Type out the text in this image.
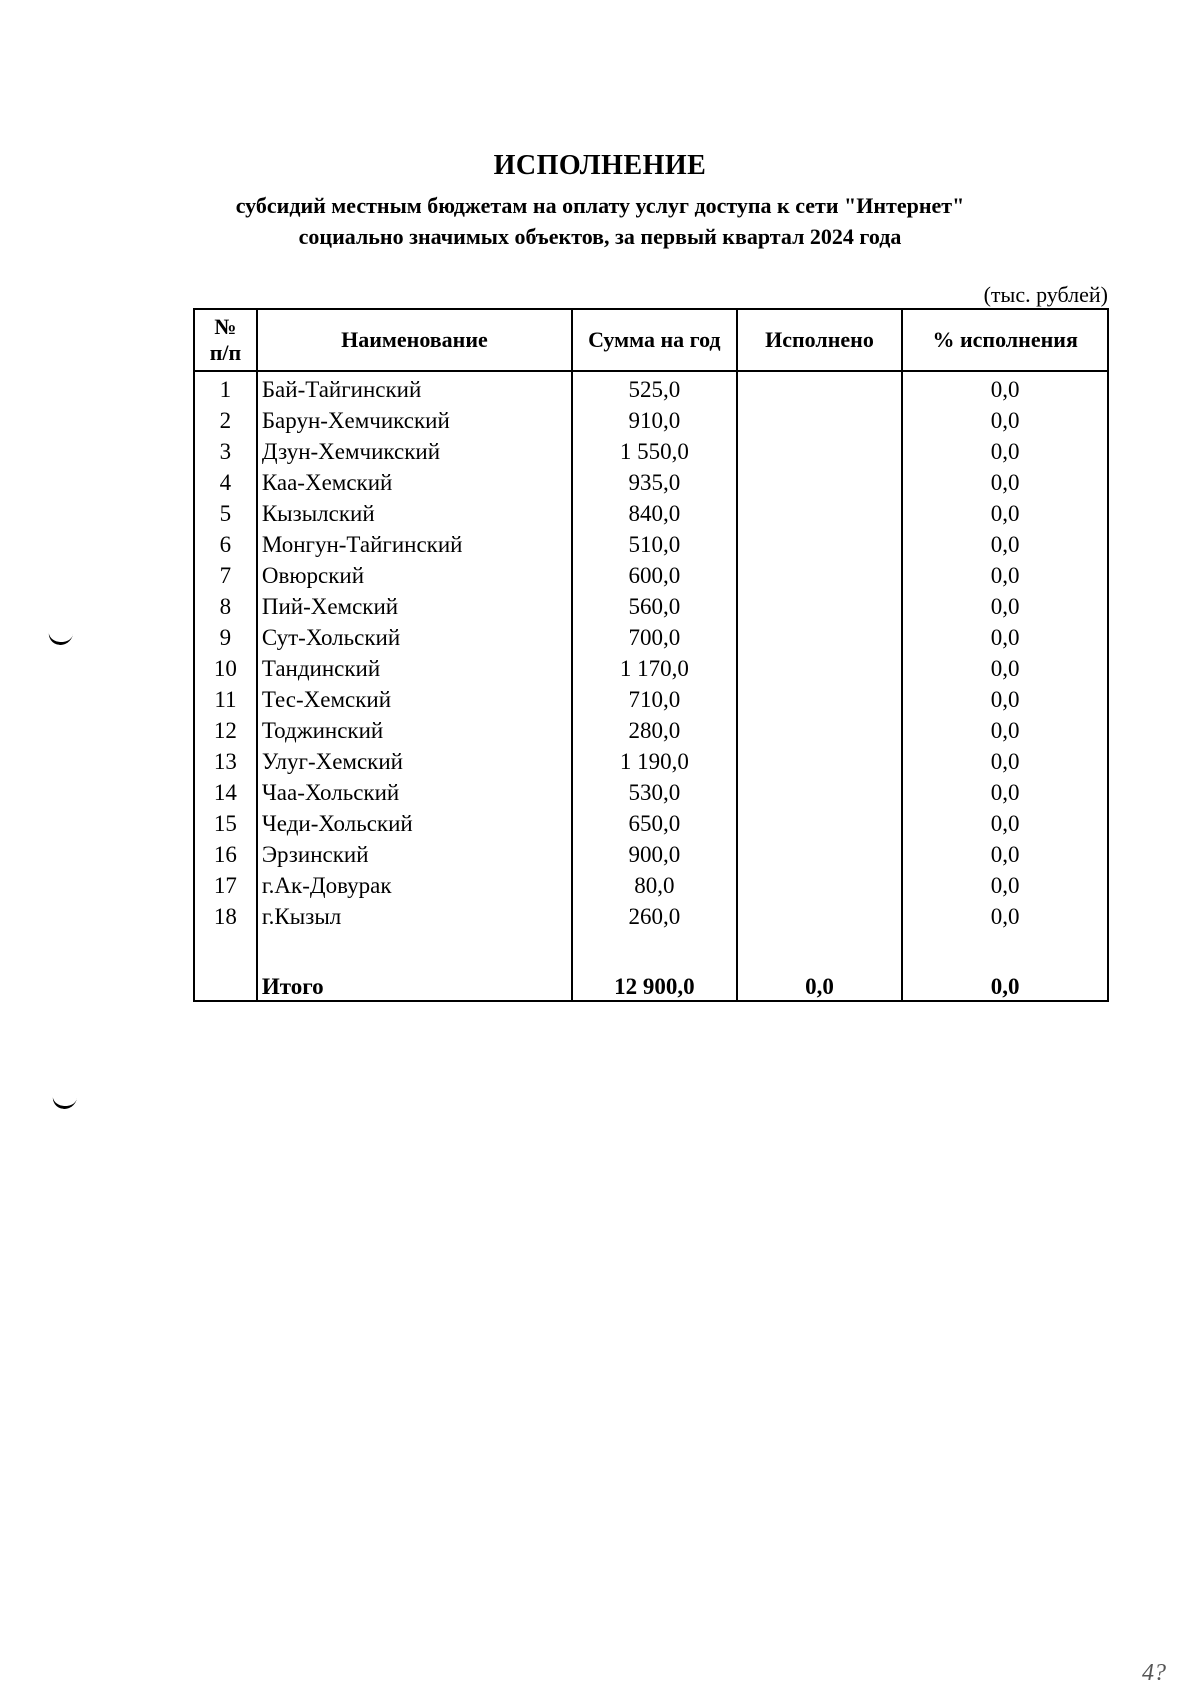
ИСПОЛНЕНИЕ

субсидий местным бюджетам на оплату услуг доступа к сети "Интернет"

социально значимых объектов, за первый квартал 2024 года

(тыс. рублей)
№
п/п	Наименование	Сумма на год	Исполнено	% исполнения
1	Бай-Тайгинский	525,0		0,0
2	Барун-Хемчикский	910,0		0,0
3	Дзун-Хемчикский	1 550,0		0,0
4	Каа-Хемский	935,0		0,0
5	Кызылский	840,0		0,0
6	Монгун-Тайгинский	510,0		0,0
7	Овюрский	600,0		0,0
8	Пий-Хемский	560,0		0,0
9	Сут-Хольский	700,0		0,0
10	Тандинский	1 170,0		0,0
11	Тес-Хемский	710,0		0,0
12	Тоджинский	280,0		0,0
13	Улуг-Хемский	1 190,0		0,0
14	Чаа-Хольский	530,0		0,0
15	Чеди-Хольский	650,0		0,0
16	Эрзинский	900,0		0,0
17	г.Ак-Довурак	80,0		0,0
18	г.Кызыл	260,0		0,0

	Итого	12 900,0	0,0	0,0
4?
